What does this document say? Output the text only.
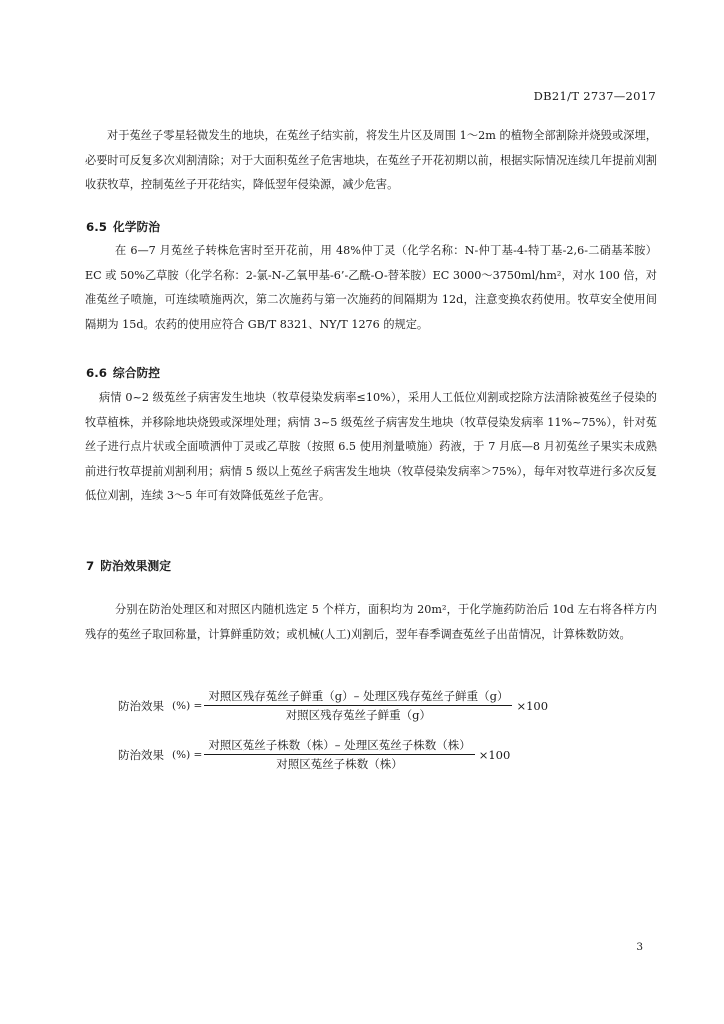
DB21/T 2737—2017

对于菟丝子零星轻微发生的地块，在菟丝子结实前，将发生片区及周围 1～2m 的植物全部割除并烧毁或深埋，必要时可反复多次刈割清除；对于大面积菟丝子危害地块，在菟丝子开花初期以前，根据实际情况连续几年提前刈割收获牧草，控制菟丝子开花结实，降低翌年侵染源，减少危害。

6.5 化学防治

在 6—7 月菟丝子转株危害时至开花前，用 48%仲丁灵（化学名称：N-仲丁基-4-特丁基-2,6-二硝基苯胺）EC 或 50%乙草胺（化学名称：2-氯-N-乙氧甲基-6’-乙酰-O-替苯胺）EC 3000～3750ml/hm²，对水 100 倍，对准菟丝子喷施，可连续喷施两次，第二次施药与第一次施药的间隔期为 12d，注意变换农药使用。牧草安全使用间隔期为 15d。农药的使用应符合 GB/T 8321、NY/T 1276 的规定。

6.6 综合防控

病情 0~2 级菟丝子病害发生地块（牧草侵染发病率≤10%），采用人工低位刈割或挖除方法清除被菟丝子侵染的牧草植株，并移除地块烧毁或深埋处理；病情 3~5 级菟丝子病害发生地块（牧草侵染发病率 11%~75%），针对菟丝子进行点片状或全面喷洒仲丁灵或乙草胺（按照 6.5 使用剂量喷施）药液，于 7 月底—8 月初菟丝子果实未成熟前进行牧草提前刈割利用；病情 5 级以上菟丝子病害发生地块（牧草侵染发病率＞75%），每年对牧草进行多次反复低位刈割，连续 3～5 年可有效降低菟丝子危害。

7 防治效果测定

分别在防治处理区和对照区内随机选定 5 个样方，面积均为 20m²，于化学施药防治后 10d 左右将各样方内残存的菟丝子取回称量，计算鲜重防效；或机械(人工)刈割后，翌年春季调查菟丝子出苗情况，计算株数防效。

防治效果 (%) = $\frac{\text{对照区残存菟丝子鲜重（g）– 处理区残存菟丝子鲜重（g）}}{\text{对照区残存菟丝子鲜重（g）}} \times 100$
防治效果 (%) = $\frac{\text{对照区菟丝子株数（株）– 处理区菟丝子株数（株）}}{\text{对照区菟丝子株数（株）}} \times 100$
3
